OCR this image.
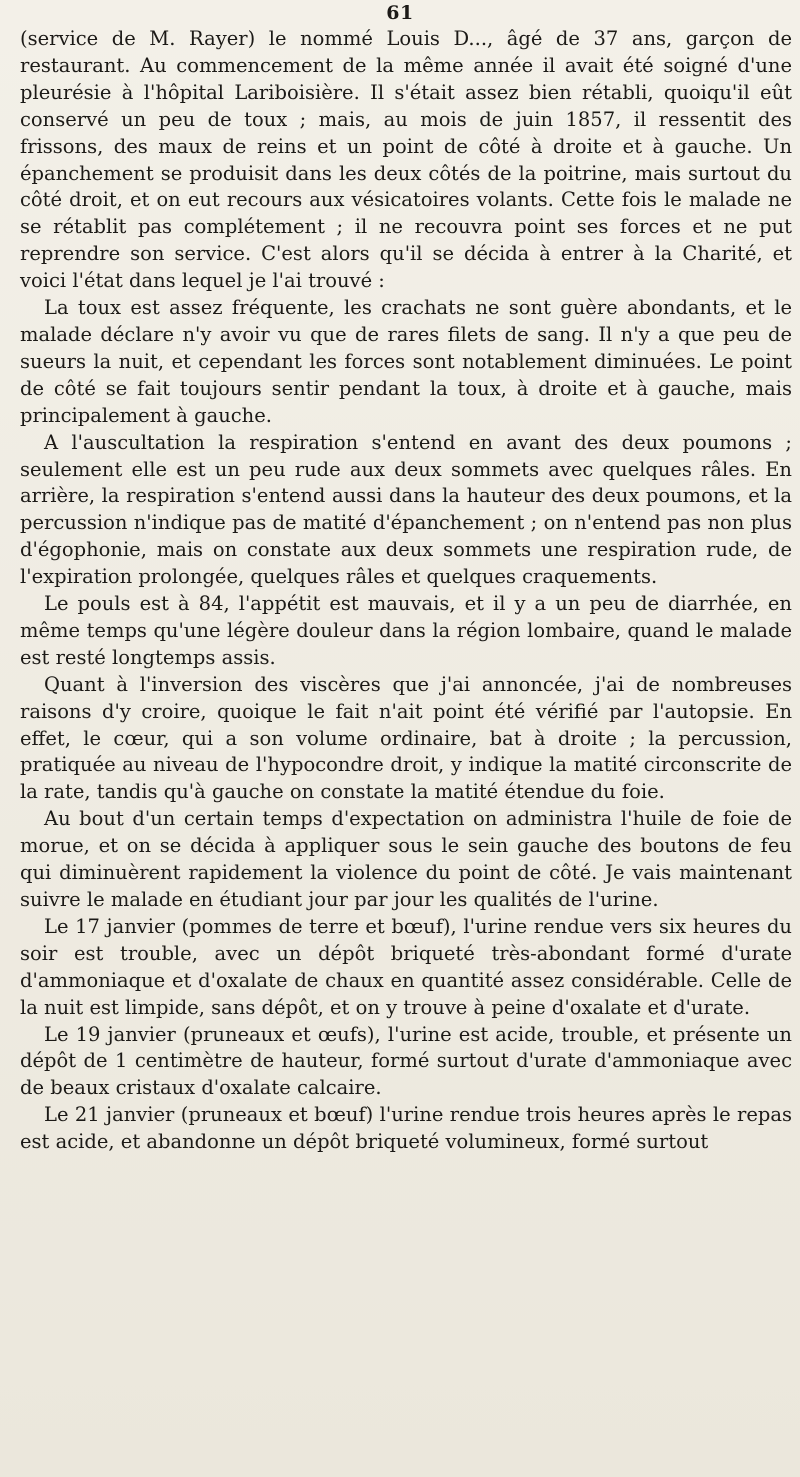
61

(service de M. Rayer) le nommé Louis D..., âgé de 37 ans, garçon de restaurant. Au commencement de la même année il avait été soigné d'une pleurésie à l'hôpital Lariboisière. Il s'était assez bien rétabli, quoiqu'il eût conservé un peu de toux ; mais, au mois de juin 1857, il ressentit des frissons, des maux de reins et un point de côté à droite et à gauche. Un épanchement se produisit dans les deux côtés de la poitrine, mais surtout du côté droit, et on eut recours aux vésicatoires volants. Cette fois le malade ne se rétablit pas complétement ; il ne recouvra point ses forces et ne put reprendre son service. C'est alors qu'il se décida à entrer à la Charité, et voici l'état dans lequel je l'ai trouvé :

La toux est assez fréquente, les crachats ne sont guère abondants, et le malade déclare n'y avoir vu que de rares filets de sang. Il n'y a que peu de sueurs la nuit, et cependant les forces sont notablement diminuées. Le point de côté se fait toujours sentir pendant la toux, à droite et à gauche, mais principalement à gauche.

A l'auscultation la respiration s'entend en avant des deux poumons ; seulement elle est un peu rude aux deux sommets avec quelques râles. En arrière, la respiration s'entend aussi dans la hauteur des deux poumons, et la percussion n'indique pas de matité d'épanchement ; on n'entend pas non plus d'égophonie, mais on constate aux deux sommets une respiration rude, de l'expiration prolongée, quelques râles et quelques craquements.

Le pouls est à 84, l'appétit est mauvais, et il y a un peu de diarrhée, en même temps qu'une légère douleur dans la région lombaire, quand le malade est resté longtemps assis.

Quant à l'inversion des viscères que j'ai annoncée, j'ai de nombreuses raisons d'y croire, quoique le fait n'ait point été vérifié par l'autopsie. En effet, le cœur, qui a son volume ordinaire, bat à droite ; la percussion, pratiquée au niveau de l'hypocondre droit, y indique la matité circonscrite de la rate, tandis qu'à gauche on constate la matité étendue du foie.

Au bout d'un certain temps d'expectation on administra l'huile de foie de morue, et on se décida à appliquer sous le sein gauche des boutons de feu qui diminuèrent rapidement la violence du point de côté. Je vais maintenant suivre le malade en étudiant jour par jour les qualités de l'urine.

Le 17 janvier (pommes de terre et bœuf), l'urine rendue vers six heures du soir est trouble, avec un dépôt briqueté très-abondant formé d'urate d'ammoniaque et d'oxalate de chaux en quantité assez considérable. Celle de la nuit est limpide, sans dépôt, et on y trouve à peine d'oxalate et d'urate.

Le 19 janvier (pruneaux et œufs), l'urine est acide, trouble, et présente un dépôt de 1 centimètre de hauteur, formé surtout d'urate d'ammoniaque avec de beaux cristaux d'oxalate calcaire.

Le 21 janvier (pruneaux et bœuf) l'urine rendue trois heures après le repas est acide, et abandonne un dépôt briqueté volumineux, formé surtout
